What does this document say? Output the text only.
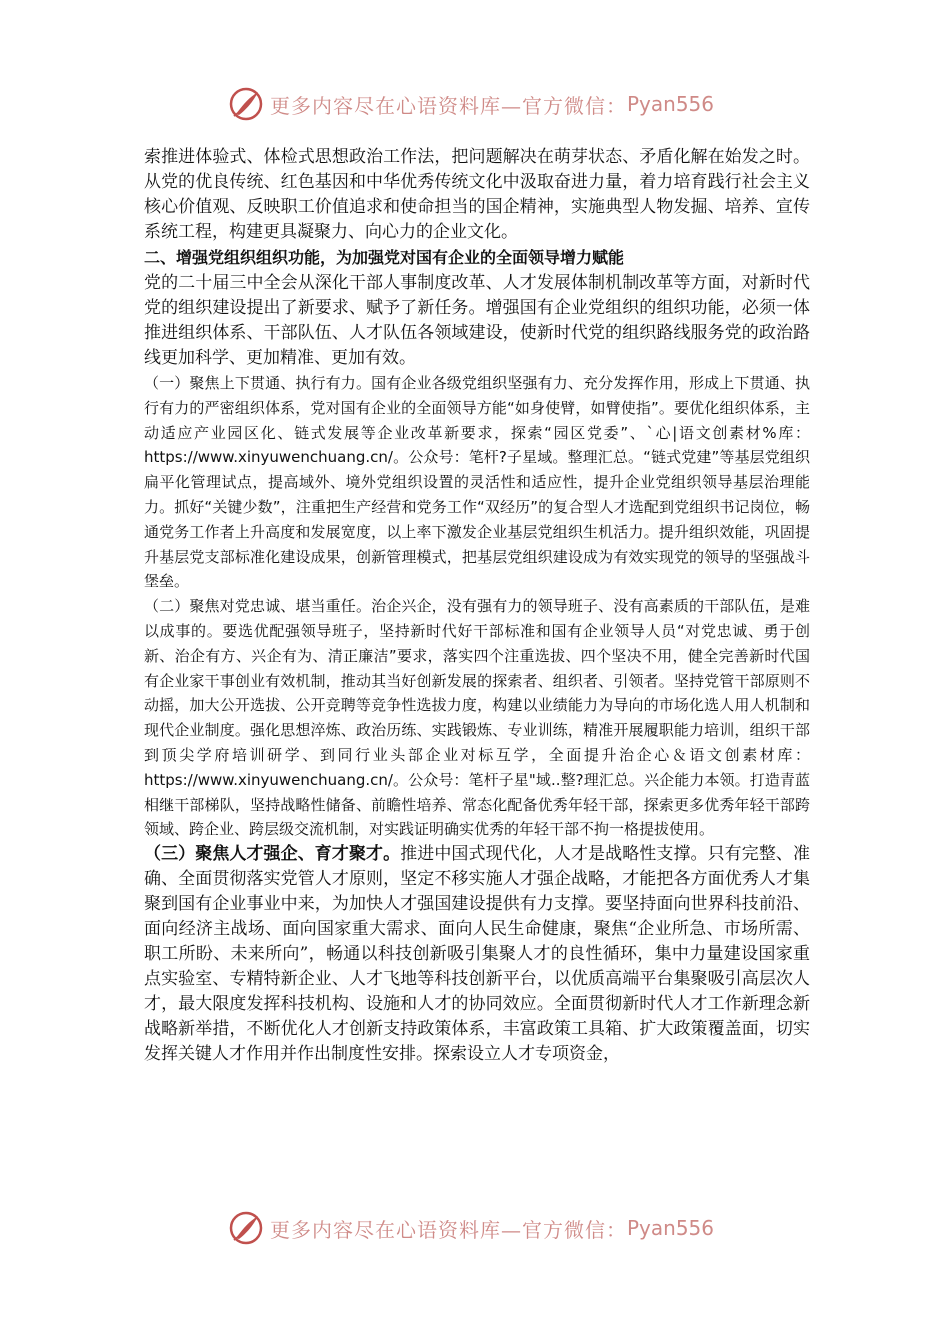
更多内容尽在心语资料库—官方微信： Pyan556

索推进体验式、体检式思想政治工作法，把问题解决在萌芽状态、矛盾化解在始发之时。从党的优良传统、红色基因和中华优秀传统文化中汲取奋进力量，着力培育践行社会主义核心价值观、反映职工价值追求和使命担当的国企精神，实施典型人物发掘、培养、宣传系统工程，构建更具凝聚力、向心力的企业文化。

二、增强党组织组织功能，为加强党对国有企业的全面领导增力赋能

党的二十届三中全会从深化干部人事制度改革、人才发展体制机制改革等方面，对新时代党的组织建设提出了新要求、赋予了新任务。增强国有企业党组织的组织功能，必须一体推进组织体系、干部队伍、人才队伍各领域建设，使新时代党的组织路线服务党的政治路线更加科学、更加精准、更加有效。

（一）聚焦上下贯通、执行有力。国有企业各级党组织坚强有力、充分发挥作用，形成上下贯通、执行有力的严密组织体系，党对国有企业的全面领导方能“如身使臂，如臂使指”。要优化组织体系，主动适应产业园区化、链式发展等企业改革新要求，探索“园区党委”、`心|语文创素材%库：https://www.xinyuwenchuang.cn/。公众号：笔杆?子星域。整理汇总。“链式党建”等基层党组织扁平化管理试点，提高域外、境外党组织设置的灵活性和适应性，提升企业党组织领导基层治理能力。抓好“关键少数”，注重把生产经营和党务工作“双经历”的复合型人才选配到党组织书记岗位，畅通党务工作者上升高度和发展宽度，以上率下激发企业基层党组织生机活力。提升组织效能，巩固提升基层党支部标准化建设成果，创新管理模式，把基层党组织建设成为有效实现党的领导的坚强战斗堡垒。

（二）聚焦对党忠诚、堪当重任。治企兴企，没有强有力的领导班子、没有高素质的干部队伍，是难以成事的。要选优配强领导班子，坚持新时代好干部标准和国有企业领导人员“对党忠诚、勇于创新、治企有方、兴企有为、清正廉洁”要求，落实四个注重选拔、四个坚决不用，健全完善新时代国有企业家干事创业有效机制，推动其当好创新发展的探索者、组织者、引领者。坚持党管干部原则不动摇，加大公开选拔、公开竞聘等竞争性选拔力度，构建以业绩能力为导向的市场化选人用人机制和现代企业制度。强化思想淬炼、政治历练、实践锻炼、专业训练，精准开展履职能力培训，组织干部到顶尖学府培训研学、到同行业头部企业对标互学，全面提升治企心＆语文创素材库：https://www.xinyuwenchuang.cn/。公众号：笔杆子星"域..整?理汇总。兴企能力本领。打造青蓝相继干部梯队，坚持战略性储备、前瞻性培养、常态化配备优秀年轻干部，探索更多优秀年轻干部跨领域、跨企业、跨层级交流机制，对实践证明确实优秀的年轻干部不拘一格提拔使用。

（三）聚焦人才强企、育才聚才。推进中国式现代化，人才是战略性支撑。只有完整、准确、全面贯彻落实党管人才原则，坚定不移实施人才强企战略，才能把各方面优秀人才集聚到国有企业事业中来，为加快人才强国建设提供有力支撑。要坚持面向世界科技前沿、面向经济主战场、面向国家重大需求、面向人民生命健康，聚焦“企业所急、市场所需、职工所盼、未来所向”，畅通以科技创新吸引集聚人才的良性循环，集中力量建设国家重点实验室、专精特新企业、人才飞地等科技创新平台，以优质高端平台集聚吸引高层次人才，最大限度发挥科技机构、设施和人才的协同效应。全面贯彻新时代人才工作新理念新战略新举措，不断优化人才创新支持政策体系，丰富政策工具箱、扩大政策覆盖面，切实发挥关键人才作用并作出制度性安排。探索设立人才专项资金，

更多内容尽在心语资料库—官方微信： Pyan556
